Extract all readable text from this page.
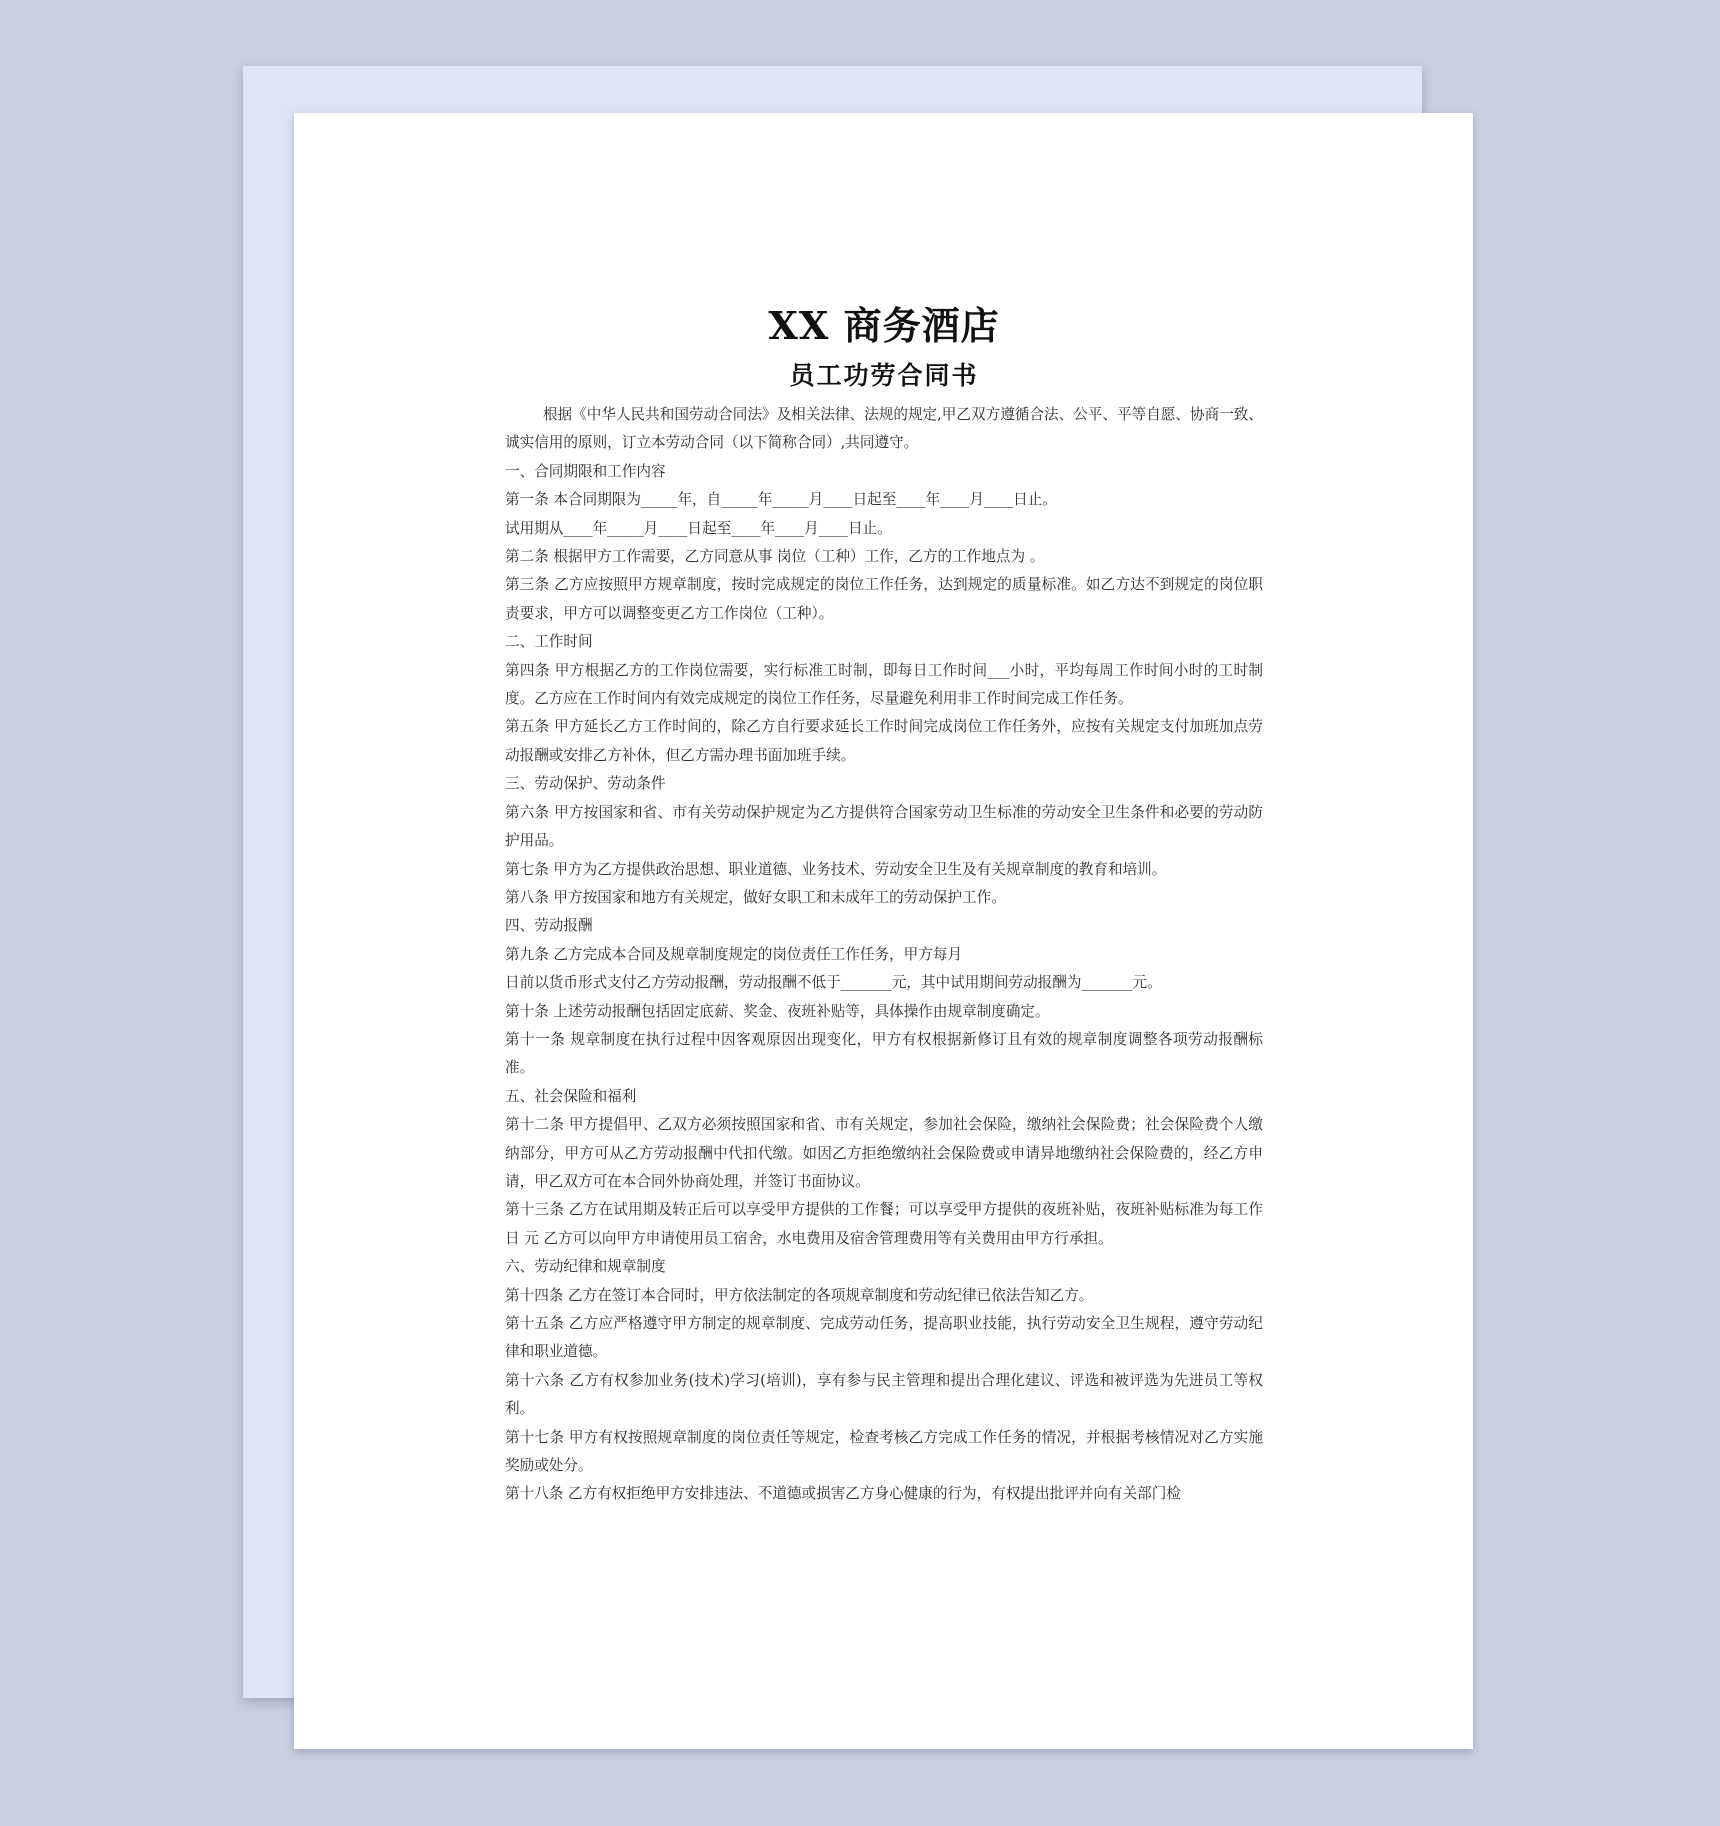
XX 商务酒店
员工功劳合同书

根据《中华人民共和国劳动合同法》及相关法律、法规的规定,甲乙双方遵循合法、公平、平等自愿、协商一致、诚实信用的原则，订立本劳动合同（以下简称合同）,共同遵守。

一、合同期限和工作内容

第一条 本合同期限为_____年，自_____年_____月____日起至____年____月____日止。

试用期从____年_____月____日起至____年____月____日止。

第二条 根据甲方工作需要，乙方同意从事 岗位（工种）工作，乙方的工作地点为 。

第三条 乙方应按照甲方规章制度，按时完成规定的岗位工作任务，达到规定的质量标准。如乙方达不到规定的岗位职责要求，甲方可以调整变更乙方工作岗位（工种）。

二、工作时间

第四条 甲方根据乙方的工作岗位需要，实行标准工时制，即每日工作时间___小时，平均每周工作时间小时的工时制度。乙方应在工作时间内有效完成规定的岗位工作任务，尽量避免利用非工作时间完成工作任务。

第五条 甲方延长乙方工作时间的，除乙方自行要求延长工作时间完成岗位工作任务外，应按有关规定支付加班加点劳动报酬或安排乙方补休，但乙方需办理书面加班手续。

三、劳动保护、劳动条件

第六条 甲方按国家和省、市有关劳动保护规定为乙方提供符合国家劳动卫生标准的劳动安全卫生条件和必要的劳动防护用品。

第七条 甲方为乙方提供政治思想、职业道德、业务技术、劳动安全卫生及有关规章制度的教育和培训。

第八条 甲方按国家和地方有关规定，做好女职工和未成年工的劳动保护工作。

四、劳动报酬

第九条 乙方完成本合同及规章制度规定的岗位责任工作任务，甲方每月

日前以货币形式支付乙方劳动报酬，劳动报酬不低于_______元，其中试用期间劳动报酬为_______元。

第十条 上述劳动报酬包括固定底薪、奖金、夜班补贴等，具体操作由规章制度确定。

第十一条 规章制度在执行过程中因客观原因出现变化，甲方有权根据新修订且有效的规章制度调整各项劳动报酬标准。

五、社会保险和福利

第十二条 甲方提倡甲、乙双方必须按照国家和省、市有关规定，参加社会保险，缴纳社会保险费；社会保险费个人缴纳部分，甲方可从乙方劳动报酬中代扣代缴。如因乙方拒绝缴纳社会保险费或申请异地缴纳社会保险费的，经乙方申请，甲乙双方可在本合同外协商处理，并签订书面协议。

第十三条 乙方在试用期及转正后可以享受甲方提供的工作餐；可以享受甲方提供的夜班补贴，夜班补贴标准为每工作日 元 乙方可以向甲方申请使用员工宿舍，水电费用及宿舍管理费用等有关费用由甲方行承担。

六、劳动纪律和规章制度

第十四条 乙方在签订本合同时，甲方依法制定的各项规章制度和劳动纪律已依法告知乙方。

第十五条 乙方应严格遵守甲方制定的规章制度、完成劳动任务，提高职业技能，执行劳动安全卫生规程，遵守劳动纪律和职业道德。

第十六条 乙方有权参加业务(技术)学习(培训)，享有参与民主管理和提出合理化建议、评选和被评选为先进员工等权利。

第十七条 甲方有权按照规章制度的岗位责任等规定，检查考核乙方完成工作任务的情况，并根据考核情况对乙方实施奖励或处分。

第十八条 乙方有权拒绝甲方安排违法、不道德或损害乙方身心健康的行为，有权提出批评并向有关部门检
